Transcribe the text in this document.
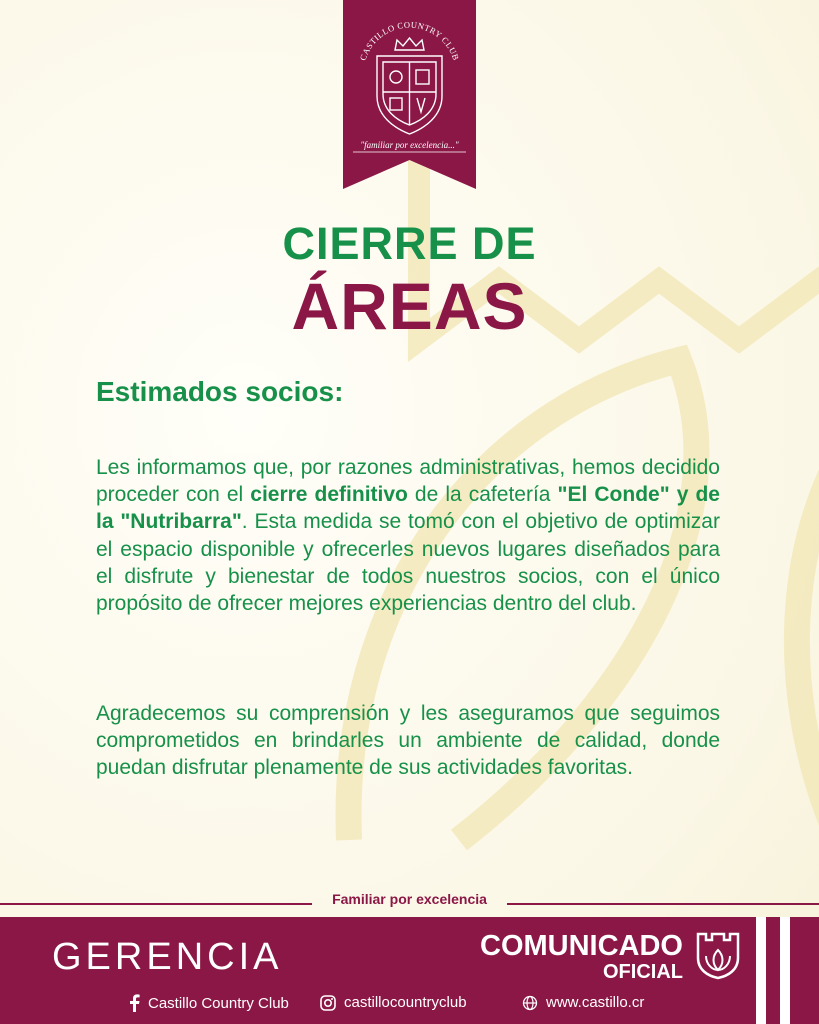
CASTILLO COUNTRY CLUB
"familiar por excelencia..."
CIERRE DE
ÁREAS
Estimados socios:
Les informamos que, por razones administrativas, hemos decidido proceder con el cierre definitivo de la cafetería "El Conde" y de la "Nutribarra". Esta medida se tomó con el objetivo de optimizar el espacio disponible y ofrecerles nuevos lugares diseñados para el disfrute y bienestar de todos nuestros socios, con el único propósito de ofrecer mejores experiencias dentro del club.
Agradecemos su comprensión y les aseguramos que seguimos comprometidos en brindarles un ambiente de calidad, donde puedan disfrutar plenamente de sus actividades favoritas.
Familiar por excelencia
GERENCIA	COMUNICADO
OFICIAL
Castillo Country Club	castillocountryclub	www.castillo.cr
